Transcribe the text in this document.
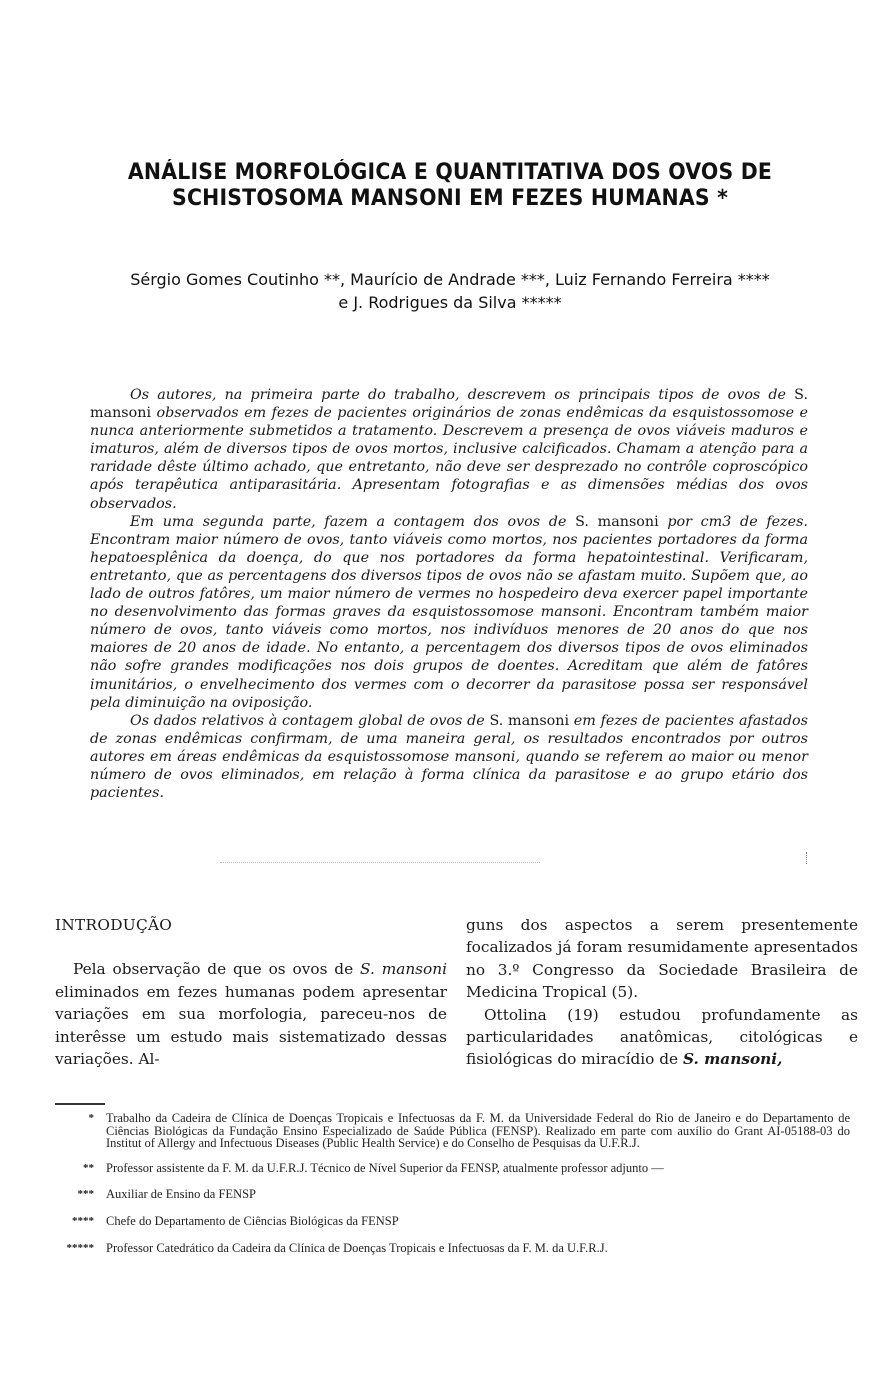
ANÁLISE MORFOLÓGICA E QUANTITATIVA DOS OVOS DE
SCHISTOSOMA MANSONI EM FEZES HUMANAS *
Sérgio Gomes Coutinho **, Maurício de Andrade ***, Luiz Fernando Ferreira ****
e J. Rodrigues da Silva *****

Os autores, na primeira parte do trabalho, descrevem os principais tipos de ovos de S. mansoni observados em fezes de pacientes originários de zonas endêmicas da esquistossomose e nunca anteriormente submetidos a tratamento. Descrevem a presença de ovos viáveis maduros e imaturos, além de diversos tipos de ovos mortos, inclusive calcificados. Chamam a atenção para a raridade dêste último achado, que entretanto, não deve ser desprezado no contrôle coproscópico após terapêutica antiparasitária. Apresentam fotografias e as dimensões médias dos ovos observados.

Em uma segunda parte, fazem a contagem dos ovos de S. mansoni por cm3 de fezes. Encontram maior número de ovos, tanto viáveis como mortos, nos pacientes portadores da forma hepatoesplênica da doença, do que nos portadores da forma hepatointestinal. Verificaram, entretanto, que as percentagens dos diversos tipos de ovos não se afastam muito. Supõem que, ao lado de outros fatôres, um maior número de vermes no hospedeiro deva exercer papel importante no desenvolvimento das formas graves da esquistossomose mansoni. Encontram também maior número de ovos, tanto viáveis como mortos, nos indivíduos menores de 20 anos do que nos maiores de 20 anos de idade. No entanto, a percentagem dos diversos tipos de ovos eliminados não sofre grandes modificações nos dois grupos de doentes. Acreditam que além de fatôres imunitários, o envelhecimento dos vermes com o decorrer da parasitose possa ser responsável pela diminuição na oviposição.

Os dados relativos à contagem global de ovos de S. mansoni em fezes de pacientes afastados de zonas endêmicas confirmam, de uma maneira geral, os resultados encontrados por outros autores em áreas endêmicas da esquistossomose mansoni, quando se referem ao maior ou menor número de ovos eliminados, em relação à forma clínica da parasitose e ao grupo etário dos pacientes.

INTRODUÇÃO

Pela observação de que os ovos de S. mansoni eliminados em fezes humanas podem apresentar variações em sua morfologia, pareceu-nos de interêsse um estudo mais sistematizado dessas variações. Al-

guns dos aspectos a serem presentemente focalizados já foram resumidamente apresentados no 3.º Congresso da Sociedade Brasileira de Medicina Tropical (5).

Ottolina (19) estudou profundamente as particularidades anatômicas, citológicas e fisiológicas do miracídio de S. mansoni,

* Trabalho da Cadeira de Clínica de Doenças Tropicais e Infectuosas da F. M. da Universidade Federal do Rio de Janeiro e do Departamento de Ciências Biológicas da Fundação Ensino Especializado de Saúde Pública (FENSP). Realizado em parte com auxílio do Grant AI-05188-03 do Institut of Allergy and Infectuous Diseases (Public Health Service) e do Conselho de Pesquisas da U.F.R.J.
** Professor assistente da F. M. da U.F.R.J. Técnico de Nível Superior da FENSP, atualmente professor adjunto —
*** Auxiliar de Ensino da FENSP
**** Chefe do Departamento de Ciências Biológicas da FENSP
***** Professor Catedrático da Cadeira da Clínica de Doenças Tropicais e Infectuosas da F. M. da U.F.R.J.
